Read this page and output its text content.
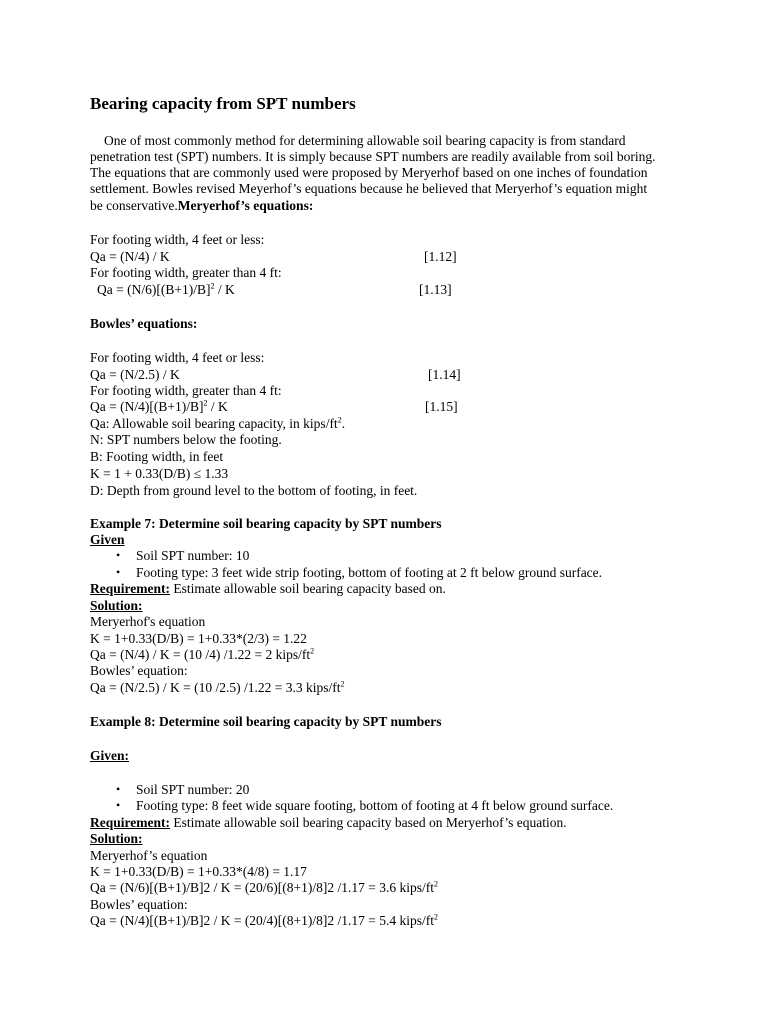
Bearing capacity from SPT numbers
One of most commonly method for determining allowable soil bearing capacity is from standard
penetration test (SPT) numbers. It is simply because SPT numbers are readily available from soil boring.
The equations that are commonly used were proposed by Meryerhof based on one inches of foundation
settlement. Bowles revised Meyerhof’s equations because he believed that Meryerhof’s equation might
be conservative.Meryerhof’s equations:
For footing width, 4 feet or less:
Qa = (N/4) / K	[1.12]
For footing width, greater than 4 ft:
$Qa = (N/6)[(B+1)/B]^2 / K$	[1.13]
Bowles’ equations:
For footing width, 4 feet or less:
Qa = (N/2.5) / K	[1.14]
For footing width, greater than 4 ft:
$Qa = (N/4)[(B+1)/B]^2 / K$	[1.15]
Qa: Allowable soil bearing capacity, in kips/$ft^2$.
N: SPT numbers below the footing.
B: Footing width, in feet
K = 1 + 0.33(D/B) ≤ 1.33
D: Depth from ground level to the bottom of footing, in feet.
Example 7: Determine soil bearing capacity by SPT numbers
Given
• Soil SPT number: 10
• Footing type: 3 feet wide strip footing, bottom of footing at 2 ft below ground surface.
Requirement: Estimate allowable soil bearing capacity based on.
Solution:
Meryerhof's equation
K = 1+0.33(D/B) = 1+0.33*(2/3) = 1.22
Qa = (N/4) / K = (10 /4) /1.22 = 2 kips/$ft^2$
Bowles’ equation:
Qa = (N/2.5) / K = (10 /2.5) /1.22 = 3.3 kips/$ft^2$
Example 8: Determine soil bearing capacity by SPT numbers
Given:
• Soil SPT number: 20
• Footing type: 8 feet wide square footing, bottom of footing at 4 ft below ground surface.
Requirement: Estimate allowable soil bearing capacity based on Meryerhof’s equation.
Solution:
Meryerhof’s equation
K = 1+0.33(D/B) = 1+0.33*(4/8) = 1.17
Qa = (N/6)[(B+1)/B]2 / K = (20/6)[(8+1)/8]2 /1.17 = 3.6 kips/$ft^2$
Bowles’ equation:
Qa = (N/4)[(B+1)/B]2 / K = (20/4)[(8+1)/8]2 /1.17 = 5.4 kips/$ft^2$
